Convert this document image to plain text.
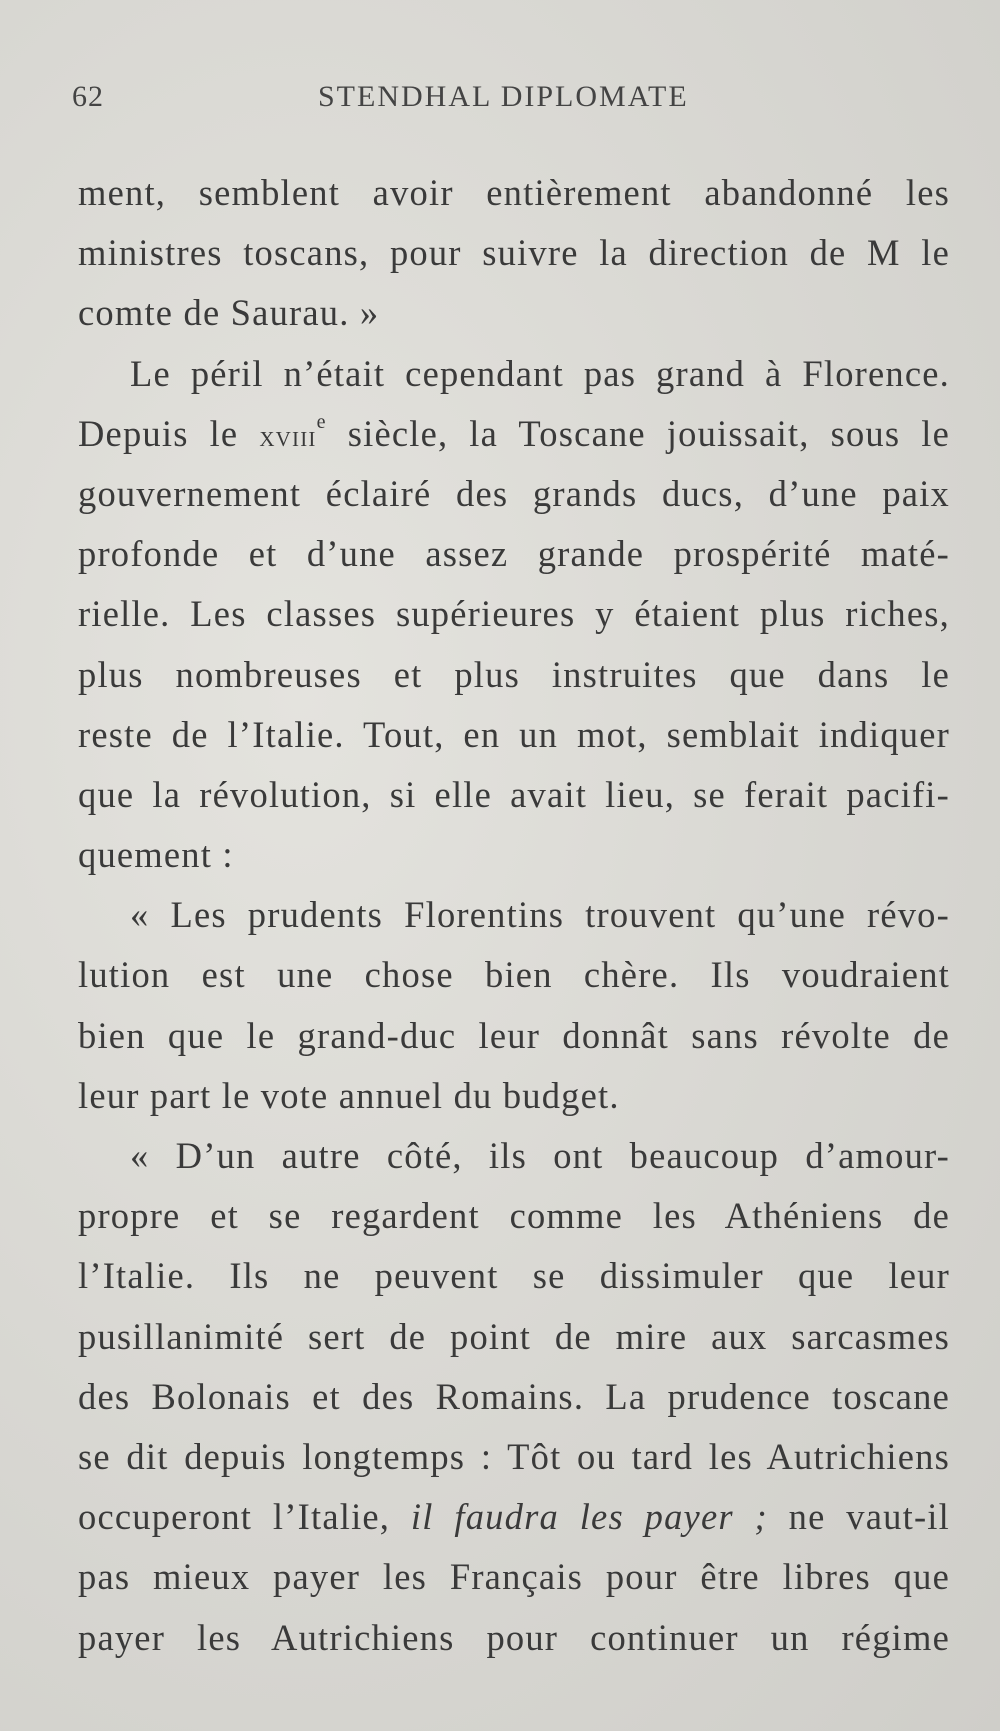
62	STENDHAL DIPLOMATE
ment, semblent avoir entièrement abandonné les
ministres toscans, pour suivre la direction de M le
comte de Saurau. »
Le péril n’était cependant pas grand à Florence.
Depuis le xviii$^e$ siècle, la Toscane jouissait, sous le
gouvernement éclairé des grands ducs, d’une paix
profonde et d’une assez grande prospérité maté-
rielle. Les classes supérieures y étaient plus riches,
plus nombreuses et plus instruites que dans le
reste de l’Italie. Tout, en un mot, semblait indiquer
que la révolution, si elle avait lieu, se ferait pacifi-
quement :
« Les prudents Florentins trouvent qu’une révo-
lution est une chose bien chère. Ils voudraient
bien que le grand-duc leur donnât sans révolte de
leur part le vote annuel du budget.
« D’un autre côté, ils ont beaucoup d’amour-
propre et se regardent comme les Athéniens de
l’Italie. Ils ne peuvent se dissimuler que leur
pusillanimité sert de point de mire aux sarcasmes
des Bolonais et des Romains. La prudence toscane
se dit depuis longtemps : Tôt ou tard les Autrichiens
occuperont l’Italie, il faudra les payer ; ne vaut-il
pas mieux payer les Français pour être libres que
payer les Autrichiens pour continuer un régime
